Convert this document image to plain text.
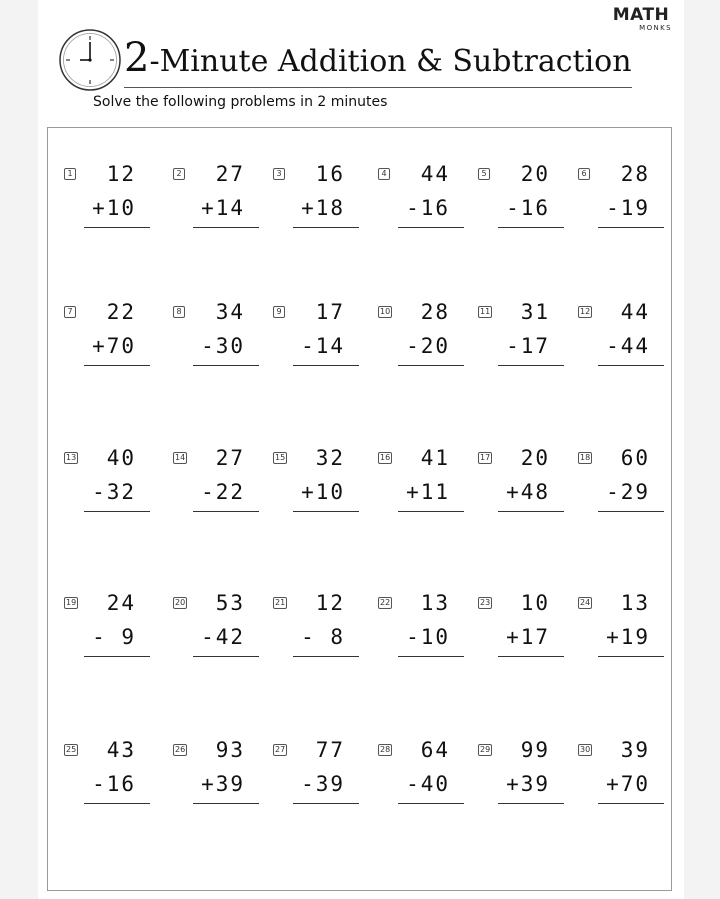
MATH
MONKS
2-Minute Addition & Subtraction
Solve the following problems in 2 minutes
1	12
+10
2	27
+14
3	16
+18
4	44
-16
5	20
-16
6	28
-19
7	22
+70
8	34
-30
9	17
-14
10	28
-20
11	31
-17
12	44
-44
13	40
-32
14	27
-22
15	32
+10
16	41
+11
17	20
+48
18	60
-29
19	24
- 9
20	53
-42
21	12
- 8
22	13
-10
23	10
+17
24	13
+19
25	43
-16
26	93
+39
27	77
-39
28	64
-40
29	99
+39
30	39
+70
